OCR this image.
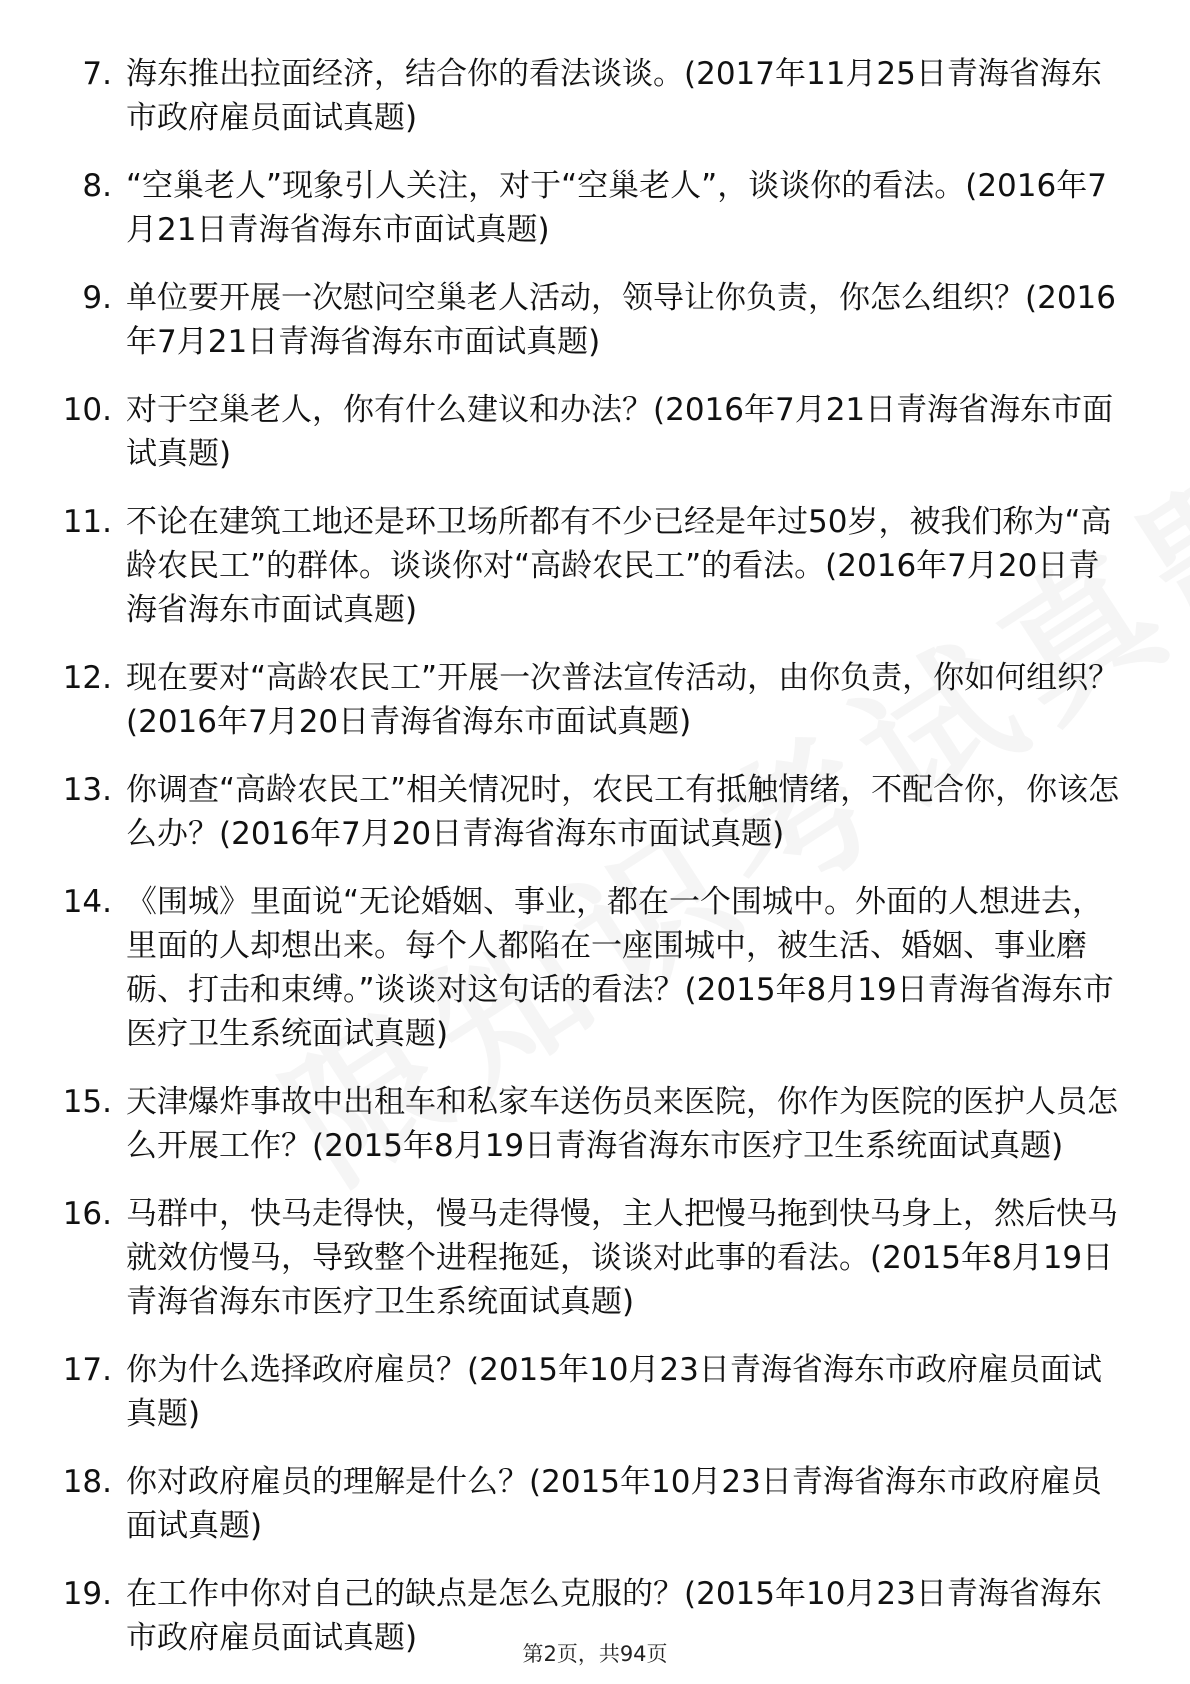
7. 海东推出拉面经济，结合你的看法谈谈。(2017年11月25日青海省海东市政府雇员面试真题)
8. “空巢老人”现象引人关注，对于“空巢老人”，谈谈你的看法。(2016年7月21日青海省海东市面试真题)
9. 单位要开展一次慰问空巢老人活动，领导让你负责，你怎么组织？(2016年7月21日青海省海东市面试真题)
10. 对于空巢老人，你有什么建议和办法？(2016年7月21日青海省海东市面试真题)
11. 不论在建筑工地还是环卫场所都有不少已经是年过50岁，被我们称为“高龄农民工”的群体。谈谈你对“高龄农民工”的看法。(2016年7月20日青海省海东市面试真题)
12. 现在要对“高龄农民工”开展一次普法宣传活动，由你负责，你如何组织？(2016年7月20日青海省海东市面试真题)
13. 你调查“高龄农民工”相关情况时，农民工有抵触情绪，不配合你，你该怎么办？(2016年7月20日青海省海东市面试真题)
14. 《围城》里面说“无论婚姻、事业，都在一个围城中。外面的人想进去，里面的人却想出来。每个人都陷在一座围城中，被生活、婚姻、事业磨砺、打击和束缚。”谈谈对这句话的看法？(2015年8月19日青海省海东市医疗卫生系统面试真题)
15. 天津爆炸事故中出租车和私家车送伤员来医院，你作为医院的医护人员怎么开展工作？(2015年8月19日青海省海东市医疗卫生系统面试真题)
16. 马群中，快马走得快，慢马走得慢，主人把慢马拖到快马身上，然后快马就效仿慢马，导致整个进程拖延，谈谈对此事的看法。(2015年8月19日青海省海东市医疗卫生系统面试真题)
17. 你为什么选择政府雇员？(2015年10月23日青海省海东市政府雇员面试真题)
18. 你对政府雇员的理解是什么？(2015年10月23日青海省海东市政府雇员面试真题)
19. 在工作中你对自己的缺点是怎么克服的？(2015年10月23日青海省海东市政府雇员面试真题)	第2页，共94页
